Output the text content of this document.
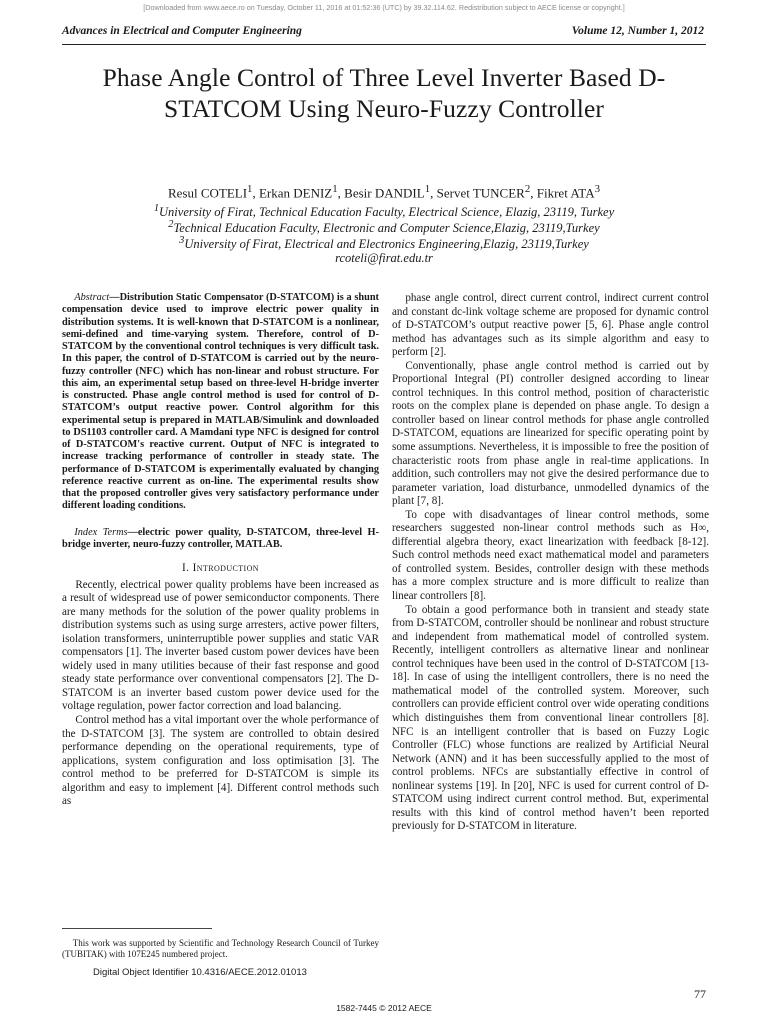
[Downloaded from www.aece.ro on Tuesday, October 11, 2016 at 01:52:36 (UTC) by 39.32.114.62. Redistribution subject to AECE license or copyright.]
Advances in Electrical and Computer Engineering	Volume 12, Number 1, 2012
Phase Angle Control of Three Level Inverter Based D-STATCOM Using Neuro-Fuzzy Controller
Resul COTELI$^1$, Erkan DENIZ$^1$, Besir DANDIL$^1$, Servet TUNCER$^2$, Fikret ATA$^3$
$^1$University of Firat, Technical Education Faculty, Electrical Science, Elazig, 23119, Turkey
$^2$Technical Education Faculty, Electronic and Computer Science,Elazig, 23119,Turkey
$^3$University of Firat, Electrical and Electronics Engineering,Elazig, 23119,Turkey
rcoteli@firat.edu.tr

Abstract—Distribution Static Compensator (D-STATCOM) is a shunt compensation device used to improve electric power quality in distribution systems. It is well-known that D-STATCOM is a nonlinear, semi-defined and time-varying system. Therefore, control of D-STATCOM by the conventional control techniques is very difficult task. In this paper, the control of D-STATCOM is carried out by the neuro-fuzzy controller (NFC) which has non-linear and robust structure. For this aim, an experimental setup based on three-level H-bridge inverter is constructed. Phase angle control method is used for control of D-STATCOM’s output reactive power. Control algorithm for this experimental setup is prepared in MATLAB/Simulink and downloaded to DS1103 controller card. A Mamdani type NFC is designed for control of D-STATCOM's reactive current. Output of NFC is integrated to increase tracking performance of controller in steady state. The performance of D-STATCOM is experimentally evaluated by changing reference reactive current as on-line. The experimental results show that the proposed controller gives very satisfactory performance under different loading conditions.

Index Terms—electric power quality, D-STATCOM, three-level H-bridge inverter, neuro-fuzzy controller, MATLAB.

I. Introduction

Recently, electrical power quality problems have been increased as a result of widespread use of power semiconductor components. There are many methods for the solution of the power quality problems in distribution systems such as using surge arresters, active power filters, isolation transformers, uninterruptible power supplies and static VAR compensators [1]. The inverter based custom power devices have been widely used in many utilities because of their fast response and good steady state performance over conventional compensators [2]. The D-STATCOM is an inverter based custom power device used for the voltage regulation, power factor correction and load balancing.

Control method has a vital important over the whole performance of the D-STATCOM [3]. The system are controlled to obtain desired performance depending on the operational requirements, type of applications, system configuration and loss optimisation [3]. The control method to be preferred for D-STATCOM is simple its algorithm and easy to implement [4]. Different control methods such as

phase angle control, direct current control, indirect current control and constant dc-link voltage scheme are proposed for dynamic control of D-STATCOM’s output reactive power [5, 6]. Phase angle control method has advantages such as its simple algorithm and easy to perform [2].

Conventionally, phase angle control method is carried out by Proportional Integral (PI) controller designed according to linear control techniques. In this control method, position of characteristic roots on the complex plane is depended on phase angle. To design a controller based on linear control methods for phase angle controlled D-STATCOM, equations are linearized for specific operating point by some assumptions. Nevertheless, it is impossible to free the position of characteristic roots from phase angle in real-time applications. In addition, such controllers may not give the desired performance due to parameter variation, load disturbance, unmodelled dynamics of the plant [7, 8].

To cope with disadvantages of linear control methods, some researchers suggested non-linear control methods such as H∞, differential algebra theory, exact linearization with feedback [8-12]. Such control methods need exact mathematical model and parameters of controlled system. Besides, controller design with these methods has a more complex structure and is more difficult to realize than linear controllers [8].

To obtain a good performance both in transient and steady state from D-STATCOM, controller should be nonlinear and robust structure and independent from mathematical model of controlled system. Recently, intelligent controllers as alternative linear and nonlinear control techniques have been used in the control of D-STATCOM [13-18]. In case of using the intelligent controllers, there is no need the mathematical model of the controlled system. Moreover, such controllers can provide efficient control over wide operating conditions which distinguishes them from conventional linear controllers [8]. NFC is an intelligent controller that is based on Fuzzy Logic Controller (FLC) whose functions are realized by Artificial Neural Network (ANN) and it has been successfully applied to the most of control problems. NFCs are substantially effective in control of nonlinear systems [19]. In [20], NFC is used for current control of D-STATCOM using indirect current control method. But, experimental results with this kind of control method haven’t been reported previously for D-STATCOM in literature.

This work was supported by Scientific and Technology Research Council of Turkey (TUBITAK) with 107E245 numbered project.
Digital Object Identifier 10.4316/AECE.2012.01013
77
1582-7445 © 2012 AECE
